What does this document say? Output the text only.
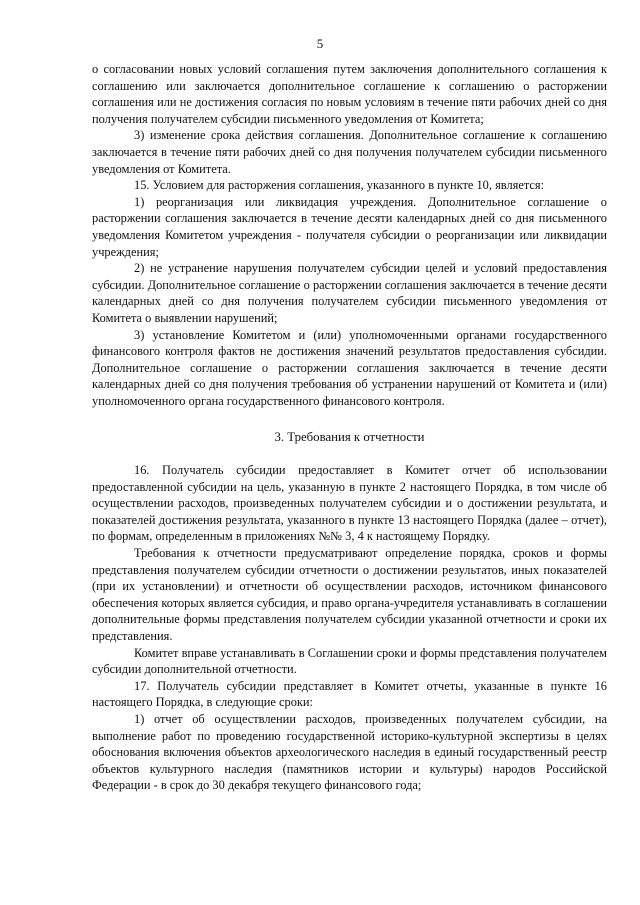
5

о согласовании новых условий соглашения путем заключения дополнительного соглашения к соглашению или заключается дополнительное соглашение к соглашению о расторжении соглашения или не достижения согласия по новым условиям в течение пяти рабочих дней со дня получения получателем субсидии письменного уведомления от Комитета;

3) изменение срока действия соглашения. Дополнительное соглашение к соглашению заключается в течение пяти рабочих дней со дня получения получателем субсидии письменного уведомления от Комитета.

15. Условием для расторжения соглашения, указанного в пункте 10, является:

1) реорганизация или ликвидация учреждения. Дополнительное соглашение о расторжении соглашения заключается в течение десяти календарных дней со дня письменного уведомления Комитетом учреждения - получателя субсидии о реорганизации или ликвидации учреждения;

2) не устранение нарушения получателем субсидии целей и условий предоставления субсидии. Дополнительное соглашение о расторжении соглашения заключается в течение десяти календарных дней со дня получения получателем субсидии письменного уведомления от Комитета о выявлении нарушений;

3) установление Комитетом и (или) уполномоченными органами государственного финансового контроля фактов не достижения значений результатов предоставления субсидии. Дополнительное соглашение о расторжении соглашения заключается в течение десяти календарных дней со дня получения требования об устранении нарушений от Комитета и (или) уполномоченного органа государственного финансового контроля.

3. Требования к отчетности

16. Получатель субсидии предоставляет в Комитет отчет об использовании предоставленной субсидии на цель, указанную в пункте 2 настоящего Порядка, в том числе об осуществлении расходов, произведенных получателем субсидии и о достижении результата, и показателей достижения результата, указанного в пункте 13 настоящего Порядка (далее – отчет), по формам, определенным в приложениях №№ 3, 4 к настоящему Порядку.

Требования к отчетности предусматривают определение порядка, сроков и формы представления получателем субсидии отчетности о достижении результатов, иных показателей (при их установлении) и отчетности об осуществлении расходов, источником финансового обеспечения которых является субсидия, и право органа-учредителя устанавливать в соглашении дополнительные формы представления получателем субсидии указанной отчетности и сроки их представления.

Комитет вправе устанавливать в Соглашении сроки и формы представления получателем субсидии дополнительной отчетности.

17. Получатель субсидии представляет в Комитет отчеты, указанные в пункте 16 настоящего Порядка, в следующие сроки:

1) отчет об осуществлении расходов, произведенных получателем субсидии, на выполнение работ по проведению государственной историко-культурной экспертизы в целях обоснования включения объектов археологического наследия в единый государственный реестр объектов культурного наследия (памятников истории и культуры) народов Российской Федерации - в срок до 30 декабря текущего финансового года;
